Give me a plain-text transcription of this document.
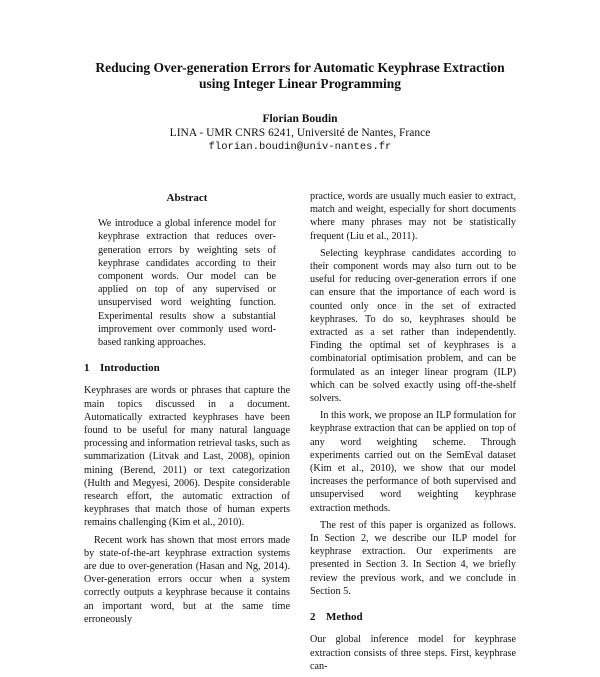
Reducing Over-generation Errors for Automatic Keyphrase Extraction
using Integer Linear Programming
Florian Boudin
LINA - UMR CNRS 6241, Université de Nantes, France
florian.boudin@univ-nantes.fr
Abstract
We introduce a global inference model for keyphrase extraction that reduces over-generation errors by weighting sets of keyphrase candidates according to their component words. Our model can be applied on top of any supervised or unsupervised word weighting function. Experimental results show a substantial improvement over commonly used word-based ranking approaches.
1 Introduction
Keyphrases are words or phrases that capture the main topics discussed in a document. Automatically extracted keyphrases have been found to be useful for many natural language processing and information retrieval tasks, such as summarization (Litvak and Last, 2008), opinion mining (Berend, 2011) or text categorization (Hulth and Megyesi, 2006). Despite considerable research effort, the automatic extraction of keyphrases that match those of human experts remains challenging (Kim et al., 2010).
Recent work has shown that most errors made by state-of-the-art keyphrase extraction systems are due to over-generation (Hasan and Ng, 2014). Over-generation errors occur when a system correctly outputs a keyphrase because it contains an important word, but at the same time erroneously
practice, words are usually much easier to extract, match and weight, especially for short documents where many phrases may not be statistically frequent (Liu et al., 2011).
Selecting keyphrase candidates according to their component words may also turn out to be useful for reducing over-generation errors if one can ensure that the importance of each word is counted only once in the set of extracted keyphrases. To do so, keyphrases should be extracted as a set rather than independently. Finding the optimal set of keyphrases is a combinatorial optimisation problem, and can be formulated as an integer linear program (ILP) which can be solved exactly using off-the-shelf solvers.
In this work, we propose an ILP formulation for keyphrase extraction that can be applied on top of any word weighting scheme. Through experiments carried out on the SemEval dataset (Kim et al., 2010), we show that our model increases the performance of both supervised and unsupervised word weighting keyphrase extraction methods.
The rest of this paper is organized as follows. In Section 2, we describe our ILP model for keyphrase extraction. Our experiments are presented in Section 3. In Section 4, we briefly review the previous work, and we conclude in Section 5.
2 Method
Our global inference model for keyphrase extraction consists of three steps. First, keyphrase can-
